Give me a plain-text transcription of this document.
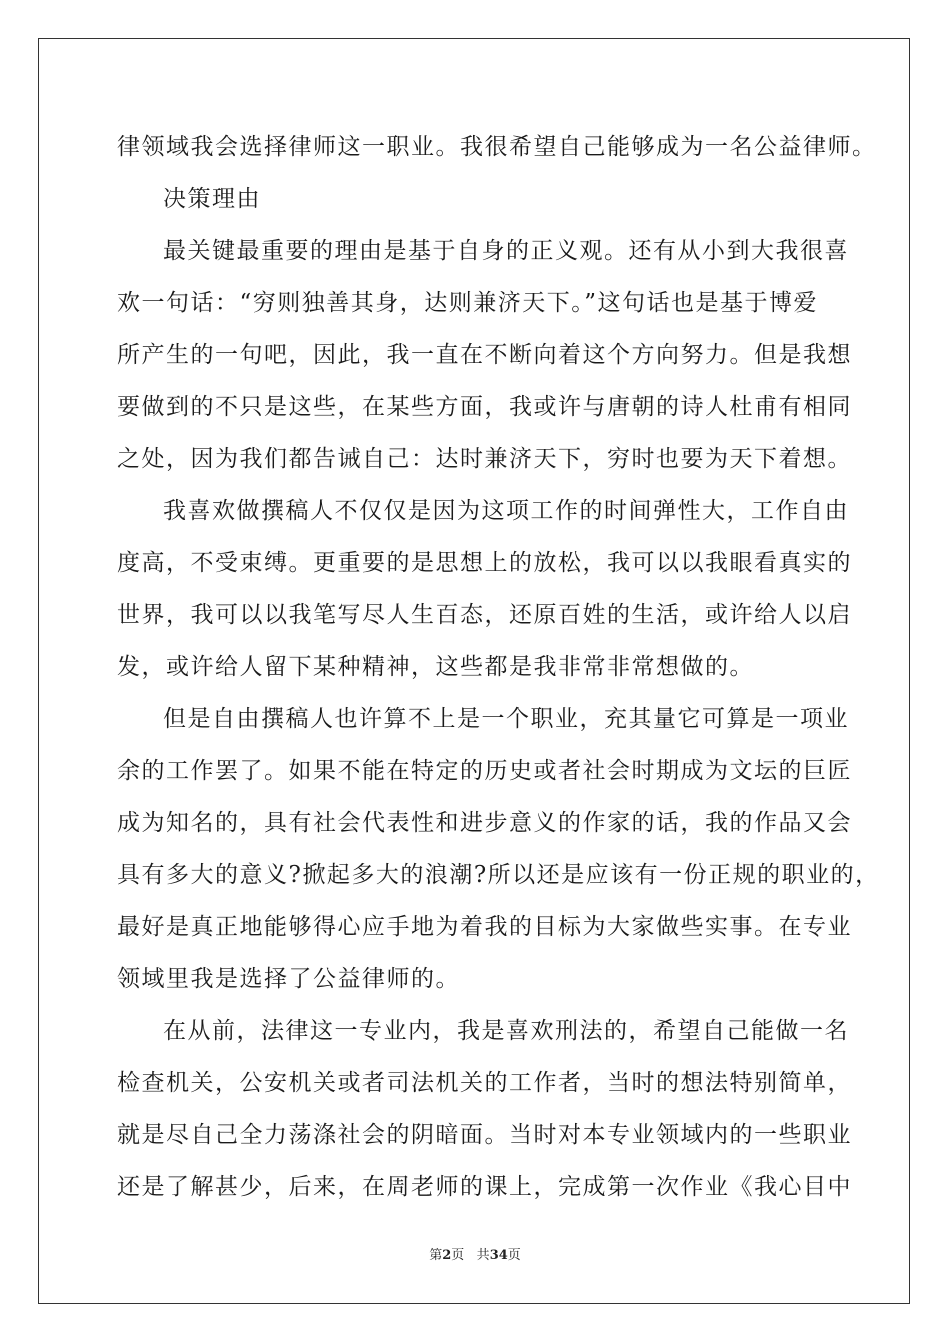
律领域我会选择律师这一职业。我很希望自己能够成为一名公益律师。
决策理由
最关键最重要的理由是基于自身的正义观。还有从小到大我很喜
欢一句话：“穷则独善其身，达则兼济天下。”这句话也是基于博爱
所产生的一句吧，因此，我一直在不断向着这个方向努力。但是我想
要做到的不只是这些，在某些方面，我或许与唐朝的诗人杜甫有相同
之处，因为我们都告诫自己：达时兼济天下，穷时也要为天下着想。
我喜欢做撰稿人不仅仅是因为这项工作的时间弹性大，工作自由
度高，不受束缚。更重要的是思想上的放松，我可以以我眼看真实的
世界，我可以以我笔写尽人生百态，还原百姓的生活，或许给人以启
发，或许给人留下某种精神，这些都是我非常非常想做的。
但是自由撰稿人也许算不上是一个职业，充其量它可算是一项业
余的工作罢了。如果不能在特定的历史或者社会时期成为文坛的巨匠
成为知名的，具有社会代表性和进步意义的作家的话，我的作品又会
具有多大的意义?掀起多大的浪潮?所以还是应该有一份正规的职业的，
最好是真正地能够得心应手地为着我的目标为大家做些实事。在专业
领域里我是选择了公益律师的。
在从前，法律这一专业内，我是喜欢刑法的，希望自己能做一名
检查机关，公安机关或者司法机关的工作者，当时的想法特别简单，
就是尽自己全力荡涤社会的阴暗面。当时对本专业领域内的一些职业
还是了解甚少，后来，在周老师的课上，完成第一次作业《我心目中
第2页 共34页
